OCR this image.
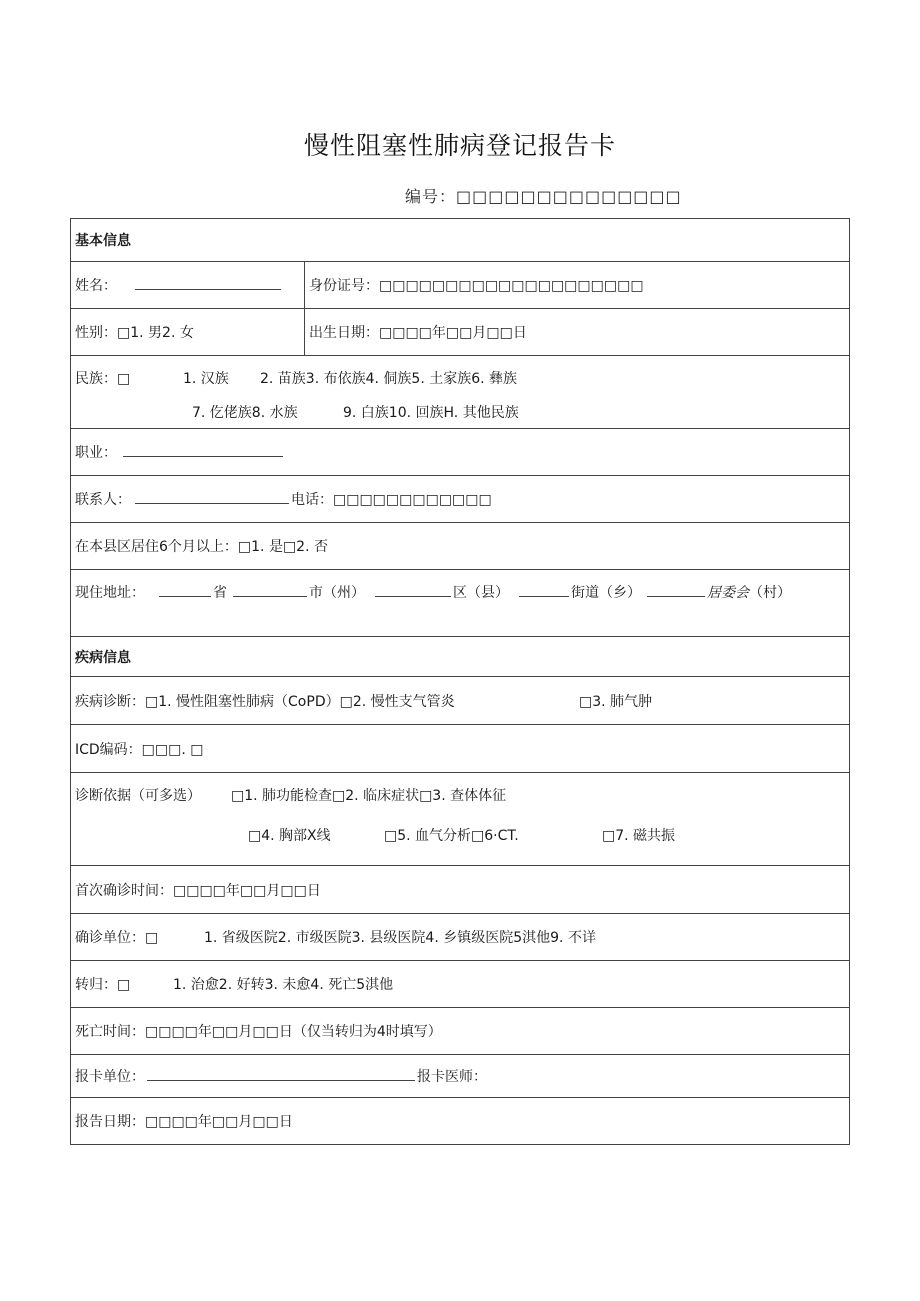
慢性阻塞性肺病登记报告卡
编号：□□□□□□□□□□□□□□
基本信息	
姓名：	身份证号：□□□□□□□□□□□□□□□□□□□□
性别：□1. 男2. 女	出生日期：□□□□年□□月□□日

民族：□ 1. 汉族 2. 苗族3. 布依族4. 侗族5. 土家族6. 彝族
7. 仡佬族8. 水族 9. 白族10. 回族H. 其他民族	

职业：	
联系人： 电话：□□□□□□□□□□□□	
在本县区居住6个月以上：□1. 是□2. 否	
现住地址： 省 市（州） 区（县） 街道（乡） 居委会（村）	
疾病信息	
疾病诊断：□1. 慢性阻塞性肺病（CoPD）□2. 慢性支气管炎 □3. 肺气肿	
ICD编码：□□□. □	

诊断依据（可多选） □1. 肺功能检查□2. 临床症状□3. 查体体征
□4. 胸部X线 □5. 血气分析□6·CT. □7. 磁共振	

首次确诊时间：□□□□年□□月□□日	
确诊单位：□ 1. 省级医院2. 市级医院3. 县级医院4. 乡镇级医院5淇他9. 不详	
转归：□ 1. 治愈2. 好转3. 未愈4. 死亡5淇他	
死亡时间：□□□□年□□月□□日（仅当转归为4时填写）	
报卡单位： 报卡医师：	
报告日期：□□□□年□□月□□日	
